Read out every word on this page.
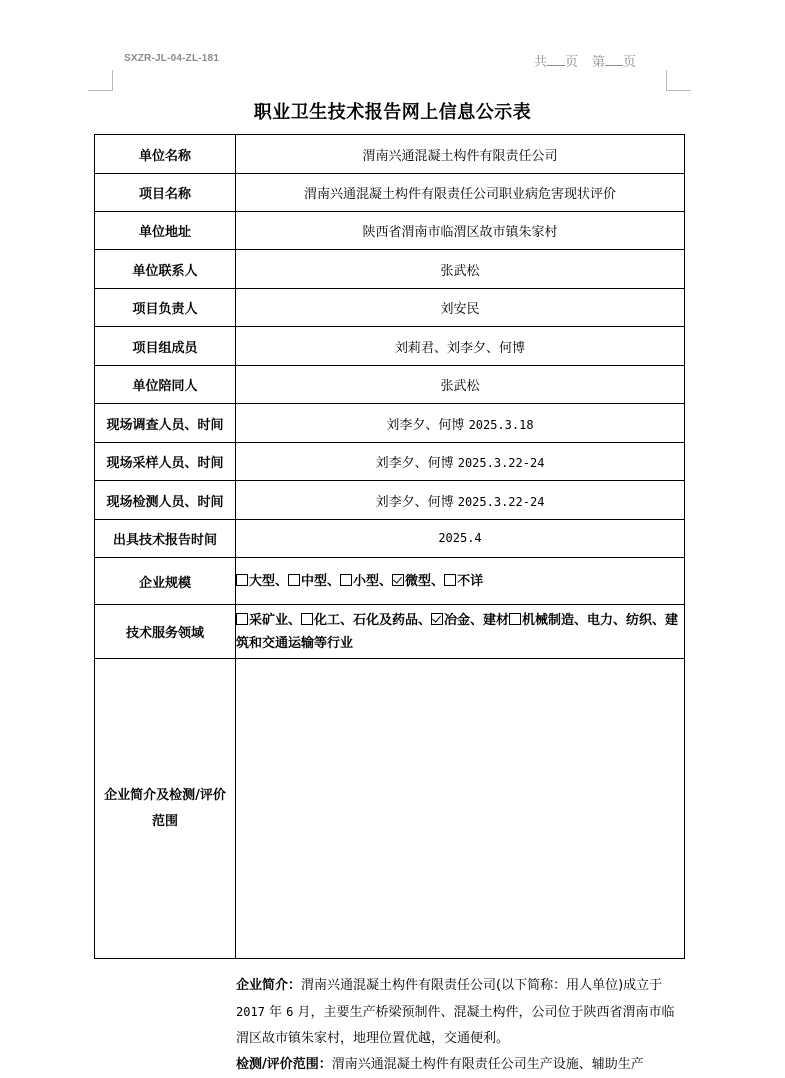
SXZR-JL-04-ZL-181	共 页 第 页
职业卫生技术报告网上信息公示表
单位名称	渭南兴通混凝土构件有限责任公司
项目名称	渭南兴通混凝土构件有限责任公司职业病危害现状评价
单位地址	陕西省渭南市临渭区故市镇朱家村
单位联系人	张武松
项目负责人	刘安民
项目组成员	刘莉君、刘李夕、何博
单位陪同人	张武松
现场调查人员、时间	刘李夕、何博 2025.3.18
现场采样人员、时间	刘李夕、何博 2025.3.22-24
现场检测人员、时间	刘李夕、何博 2025.3.22-24
出具技术报告时间	2025.4
企业规模	大型、 中型、 小型、 微型、 不详
技术服务领域	采矿业、 化工、石化及药品、 冶金、建材 机械制造、电力、纺织、建筑和交通运输等行业
企业简介及检测/评价范围	企业简介：渭南兴通混凝土构件有限责任公司(以下简称：用人单位)成立于 2017 年 6 月，主要生产桥梁预制件、混凝土构件，公司位于陕西省渭南市临渭区故市镇朱家村，地理位置优越，交通便利。
检测/评价范围：渭南兴通混凝土构件有限责任公司生产设施、辅助生产
